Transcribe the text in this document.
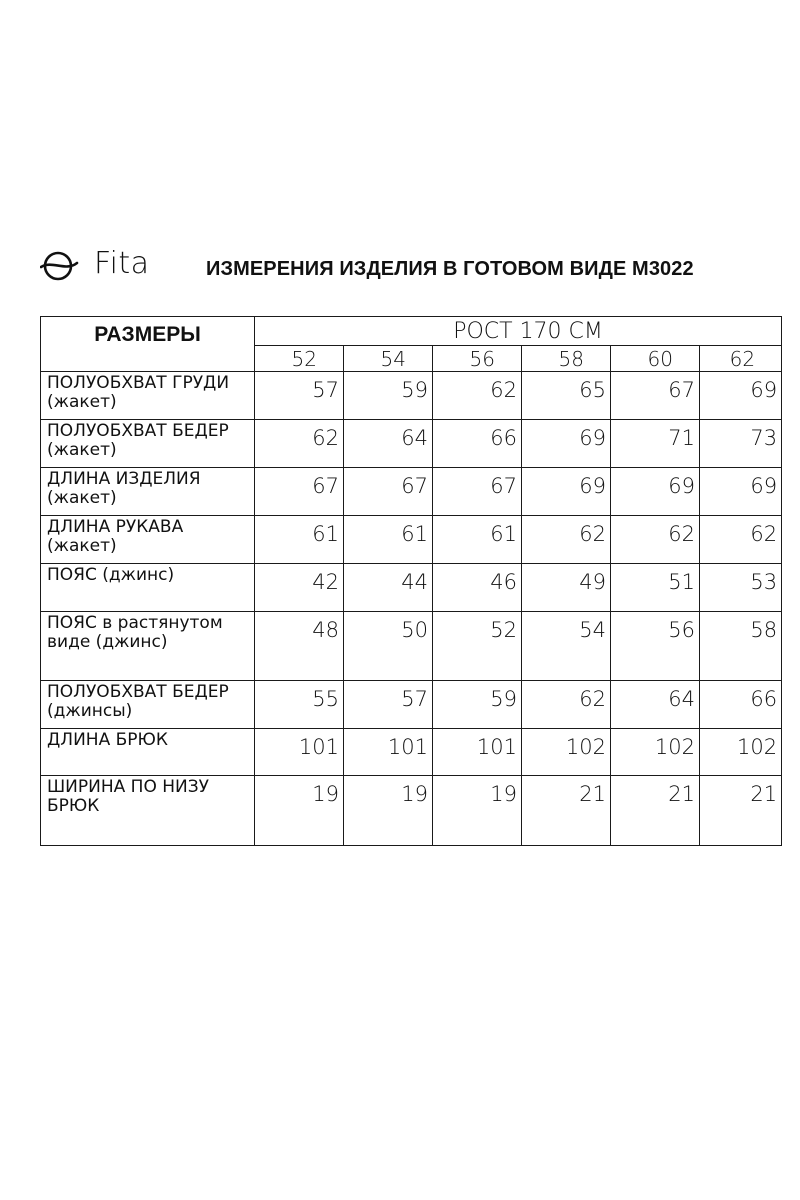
Fita	ИЗМЕРЕНИЯ ИЗДЕЛИЯ В ГОТОВОМ ВИДЕ М3022
РАЗМЕРЫ	РОСТ 170 СМ					
	52	54	56	58	60	62
ПОЛУОБХВАТ ГРУДИ (жакет)	57	59	62	65	67	69
ПОЛУОБХВАТ БЕДЕР (жакет)	62	64	66	69	71	73
ДЛИНА ИЗДЕЛИЯ (жакет)	67	67	67	69	69	69
ДЛИНА РУКАВА (жакет)	61	61	61	62	62	62
ПОЯС (джинс)	42	44	46	49	51	53
ПОЯС в растянутом виде (джинс)	48	50	52	54	56	58
ПОЛУОБХВАТ БЕДЕР (джинсы)	55	57	59	62	64	66
ДЛИНА БРЮК	101	101	101	102	102	102
ШИРИНА ПО НИЗУ БРЮК	19	19	19	21	21	21
